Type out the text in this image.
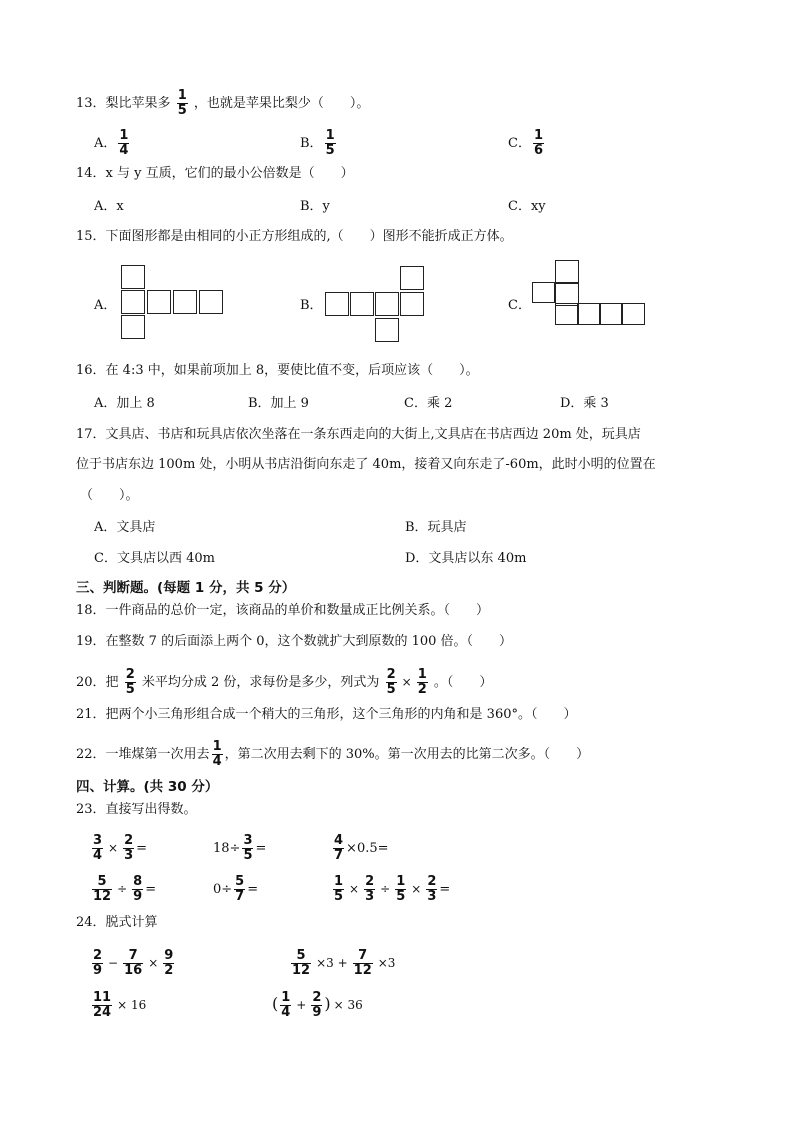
13．梨比苹果多 $\frac{1}{5}$ ，也就是苹果比梨少（　　）。
A． $\frac{1}{4}$	B． $\frac{1}{5}$	C． $\frac{1}{6}$
14．x 与 y 互质，它们的最小公倍数是（　　）
A．x	B．y	C．xy
15．下面图形都是由相同的小正方形组成的,（　　）图形不能折成正方体。
A．	B．	C．
16．在 4:3 中，如果前项加上 8，要使比值不变，后项应该（　　）。
A．加上 8	B．加上 9	C．乘 2	D．乘 3
17．文具店、书店和玩具店依次坐落在一条东西走向的大街上,文具店在书店西边 20m 处，玩具店
位于书店东边 100m 处，小明从书店沿街向东走了 40m，接着又向东走了-60m，此时小明的位置在
（　　）。
A．文具店	B．玩具店
C．文具店以西 40m	D．文具店以东 40m
三、判断题。(每题 1 分，共 5 分）
18．一件商品的总价一定，该商品的单价和数量成正比例关系。（　　）
19．在整数 7 的后面添上两个 0，这个数就扩大到原数的 100 倍。（　　）
20．把 $\frac{2}{5}$ 米平均分成 2 份，求每份是多少，列式为 $\frac{2}{5} \times \frac{1}{2}$ 。（　　）
21．把两个小三角形组合成一个稍大的三角形，这个三角形的内角和是 360°。（　　）
22．一堆煤第一次用去 $\frac{1}{4}$ ，第二次用去剩下的 30%。第一次用去的比第二次多。（　　）
四、计算。(共 30 分）
23．直接写出得数。
$\frac{3}{4} \times \frac{2}{3}$ =	$18\div \frac{3}{5}$ =	$\frac{4}{7} \times 0.5=$
$\frac{5}{12} \div \frac{8}{9}$ =	$0\div \frac{5}{7}$ =	$\frac{1}{5} \times \frac{2}{3} \div \frac{1}{5} \times \frac{2}{3}$ =
24．脱式计算
$\frac{2}{9} - \frac{7}{16} \times \frac{9}{2}$	$\frac{5}{12} \times 3 + \frac{7}{12} \times 3$
$\frac{11}{24} \times 16$	( $\frac{1}{4} + \frac{2}{9}$ ) × 36
